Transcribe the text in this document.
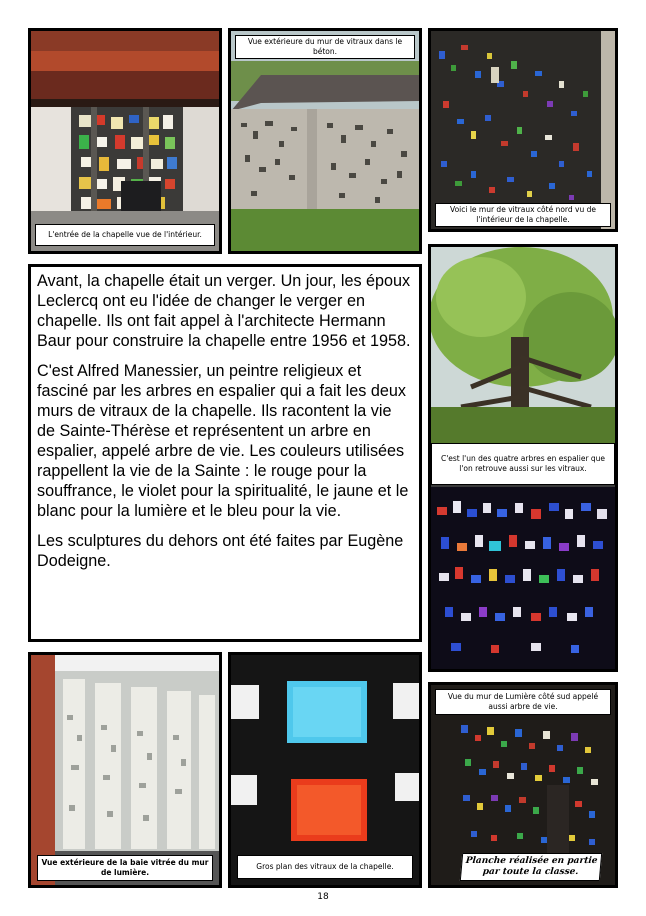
L'entrée de la chapelle vue de l'intérieur.
Vue extérieure du mur de vitraux dans le béton.
Voici le mur de vitraux côté nord vu de l'intérieur de la chapelle.

Avant, la chapelle était un verger. Un jour, les époux Leclercq ont eu l'idée de changer le verger en chapelle. Ils ont fait appel à l'architecte Hermann Baur pour construire la chapelle entre 1956 et 1958.

C'est Alfred Manessier, un peintre religieux et fasciné par les arbres en espalier qui a fait les deux murs de vitraux de la chapelle. Ils racontent la vie de Sainte-Thérèse et représentent un arbre en espalier, appelé arbre de vie. Les couleurs utilisées rappellent la vie de la Sainte : le rouge pour la souffrance, le violet pour la spiritualité, le jaune et le blanc pour la lumière et le bleu pour la vie.

Les sculptures du dehors ont été faites par Eugène Dodeigne.

C'est l'un des quatre arbres en espalier que l'on retrouve aussi sur les vitraux.
Vue extérieure de la baie vitrée du mur de lumière.
Gros plan des vitraux de la chapelle.
Vue du mur de Lumière côté sud appelé aussi arbre de vie.
Planche réalisée en partie par toute la classe.
18
